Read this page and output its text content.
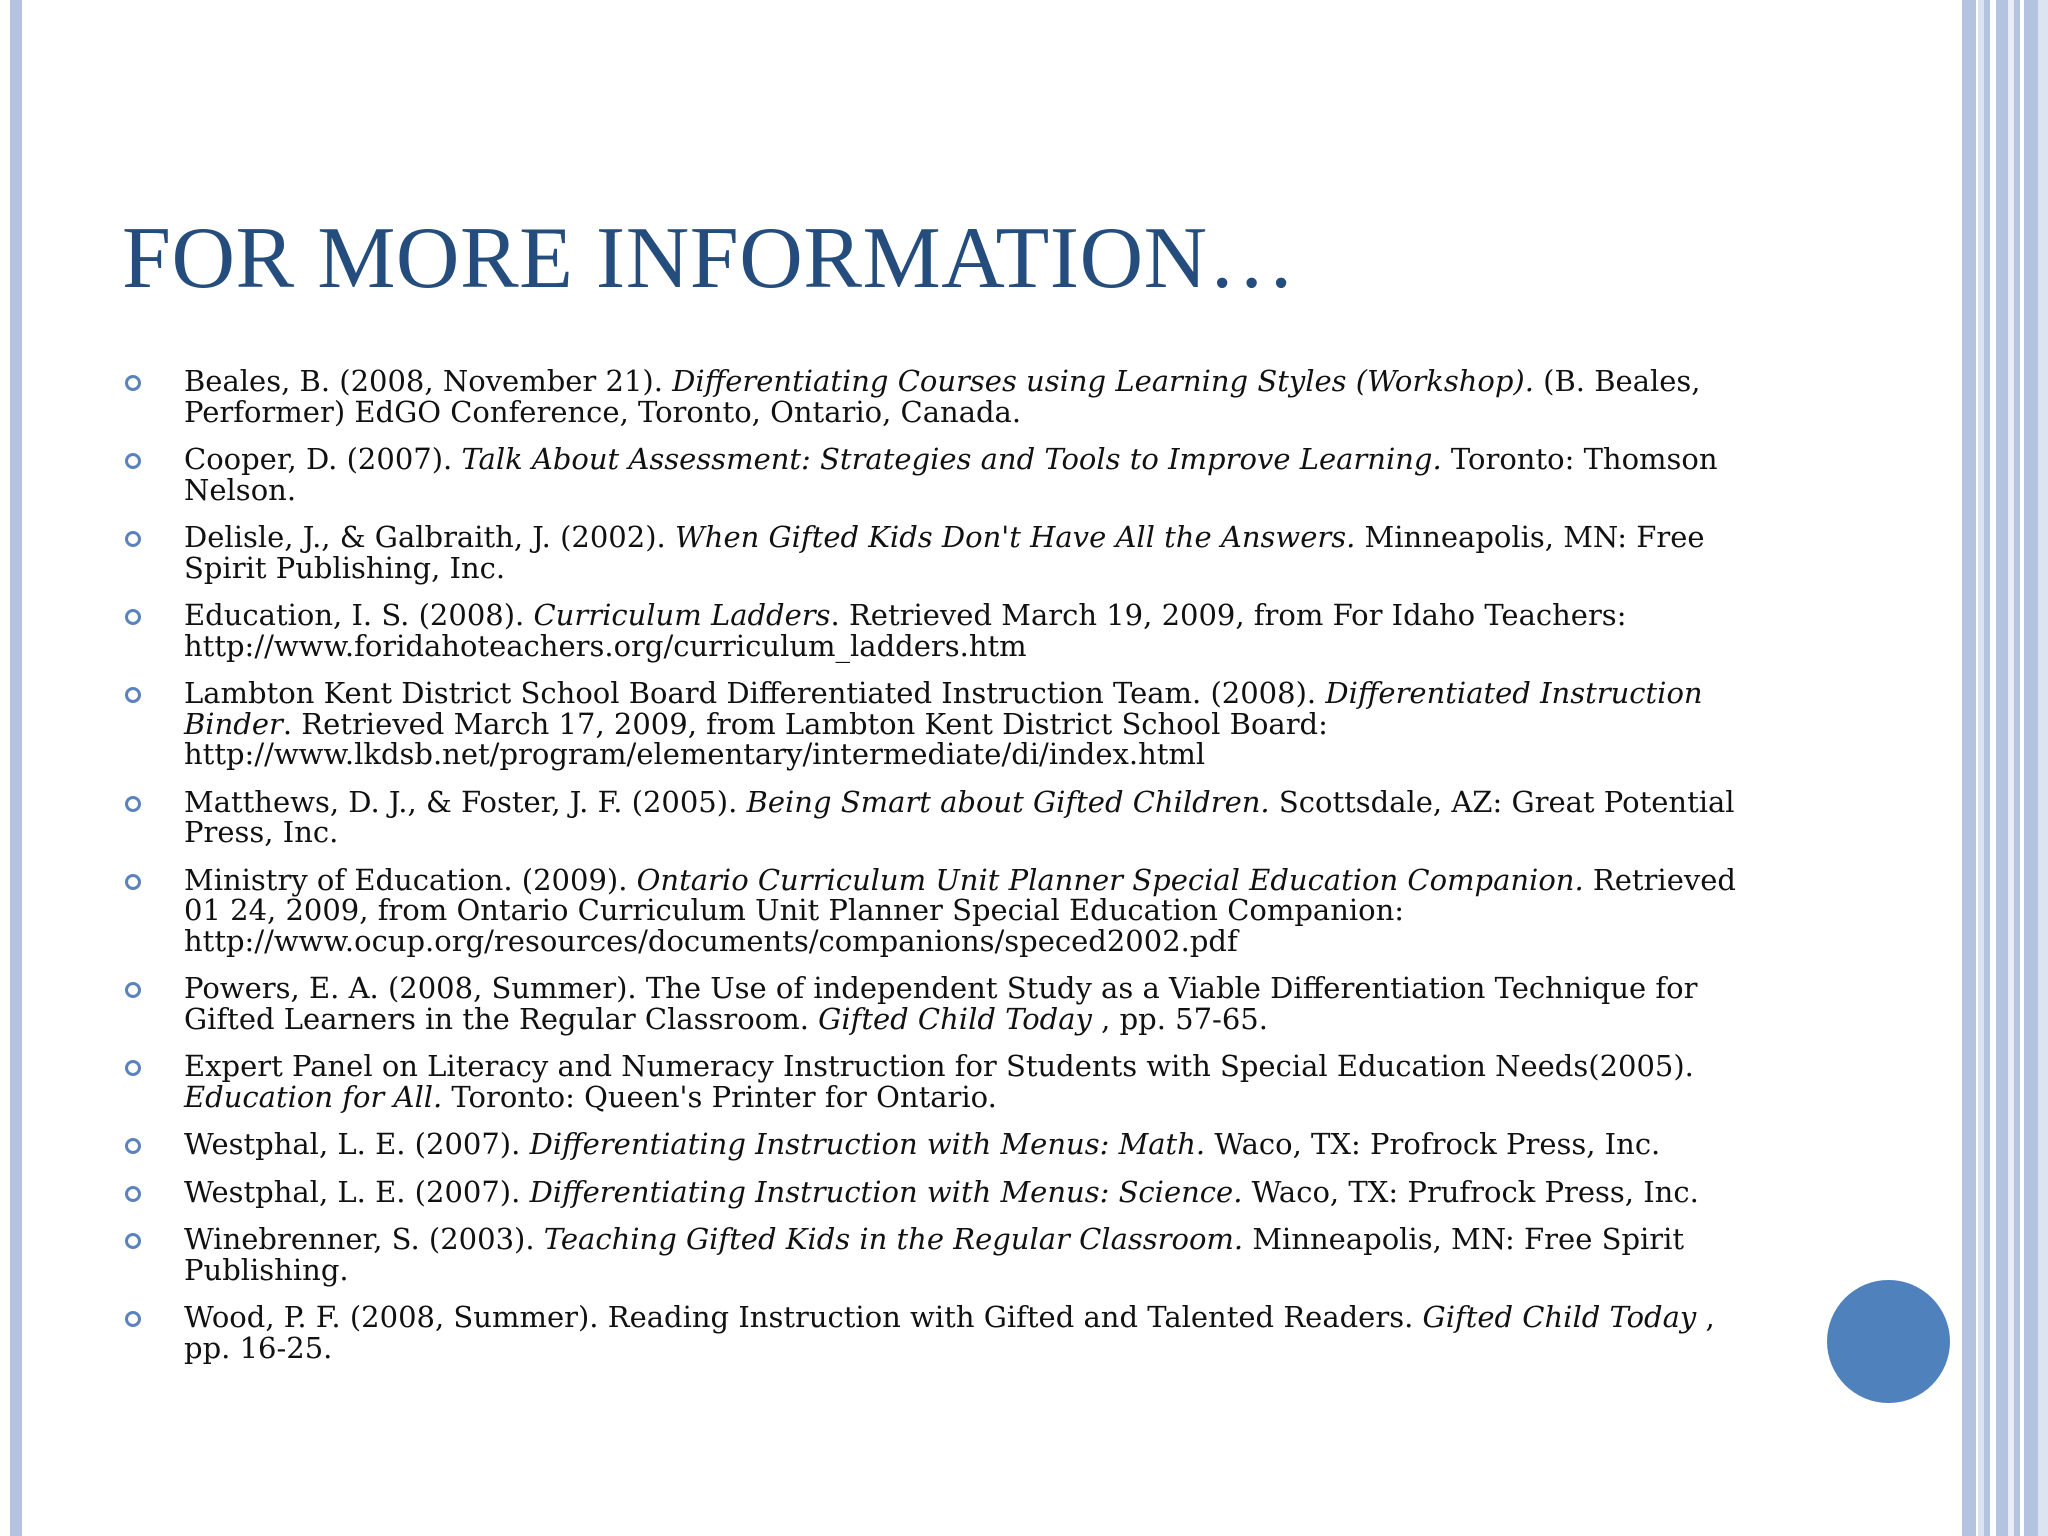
FOR MORE INFORMATION…
Beales, B. (2008, November 21). Differentiating Courses using Learning Styles (Workshop). (B. Beales, Performer) EdGO Conference, Toronto, Ontario, Canada.
Cooper, D. (2007). Talk About Assessment: Strategies and Tools to Improve Learning. Toronto: Thomson Nelson.
Delisle, J., & Galbraith, J. (2002). When Gifted Kids Don't Have All the Answers. Minneapolis, MN: Free Spirit Publishing, Inc.
Education, I. S. (2008). Curriculum Ladders. Retrieved March 19, 2009, from For Idaho Teachers: http://www.foridahoteachers.org/curriculum_ladders.htm
Lambton Kent District School Board Differentiated Instruction Team. (2008). Differentiated Instruction Binder. Retrieved March 17, 2009, from Lambton Kent District School Board: http://www.lkdsb.net/program/elementary/intermediate/di/index.html
Matthews, D. J., & Foster, J. F. (2005). Being Smart about Gifted Children. Scottsdale, AZ: Great Potential Press, Inc.
Ministry of Education. (2009). Ontario Curriculum Unit Planner Special Education Companion. Retrieved 01 24, 2009, from Ontario Curriculum Unit Planner Special Education Companion: http://www.ocup.org/resources/documents/companions/speced2002.pdf
Powers, E. A. (2008, Summer). The Use of independent Study as a Viable Differentiation Technique for Gifted Learners in the Regular Classroom. Gifted Child Today , pp. 57-65.
Expert Panel on Literacy and Numeracy Instruction for Students with Special Education Needs(2005). Education for All. Toronto: Queen's Printer for Ontario.
Westphal, L. E. (2007). Differentiating Instruction with Menus: Math. Waco, TX: Profrock Press, Inc.
Westphal, L. E. (2007). Differentiating Instruction with Menus: Science. Waco, TX: Prufrock Press, Inc.
Winebrenner, S. (2003). Teaching Gifted Kids in the Regular Classroom. Minneapolis, MN: Free Spirit Publishing.
Wood, P. F. (2008, Summer). Reading Instruction with Gifted and Talented Readers. Gifted Child Today , pp. 16-25.
